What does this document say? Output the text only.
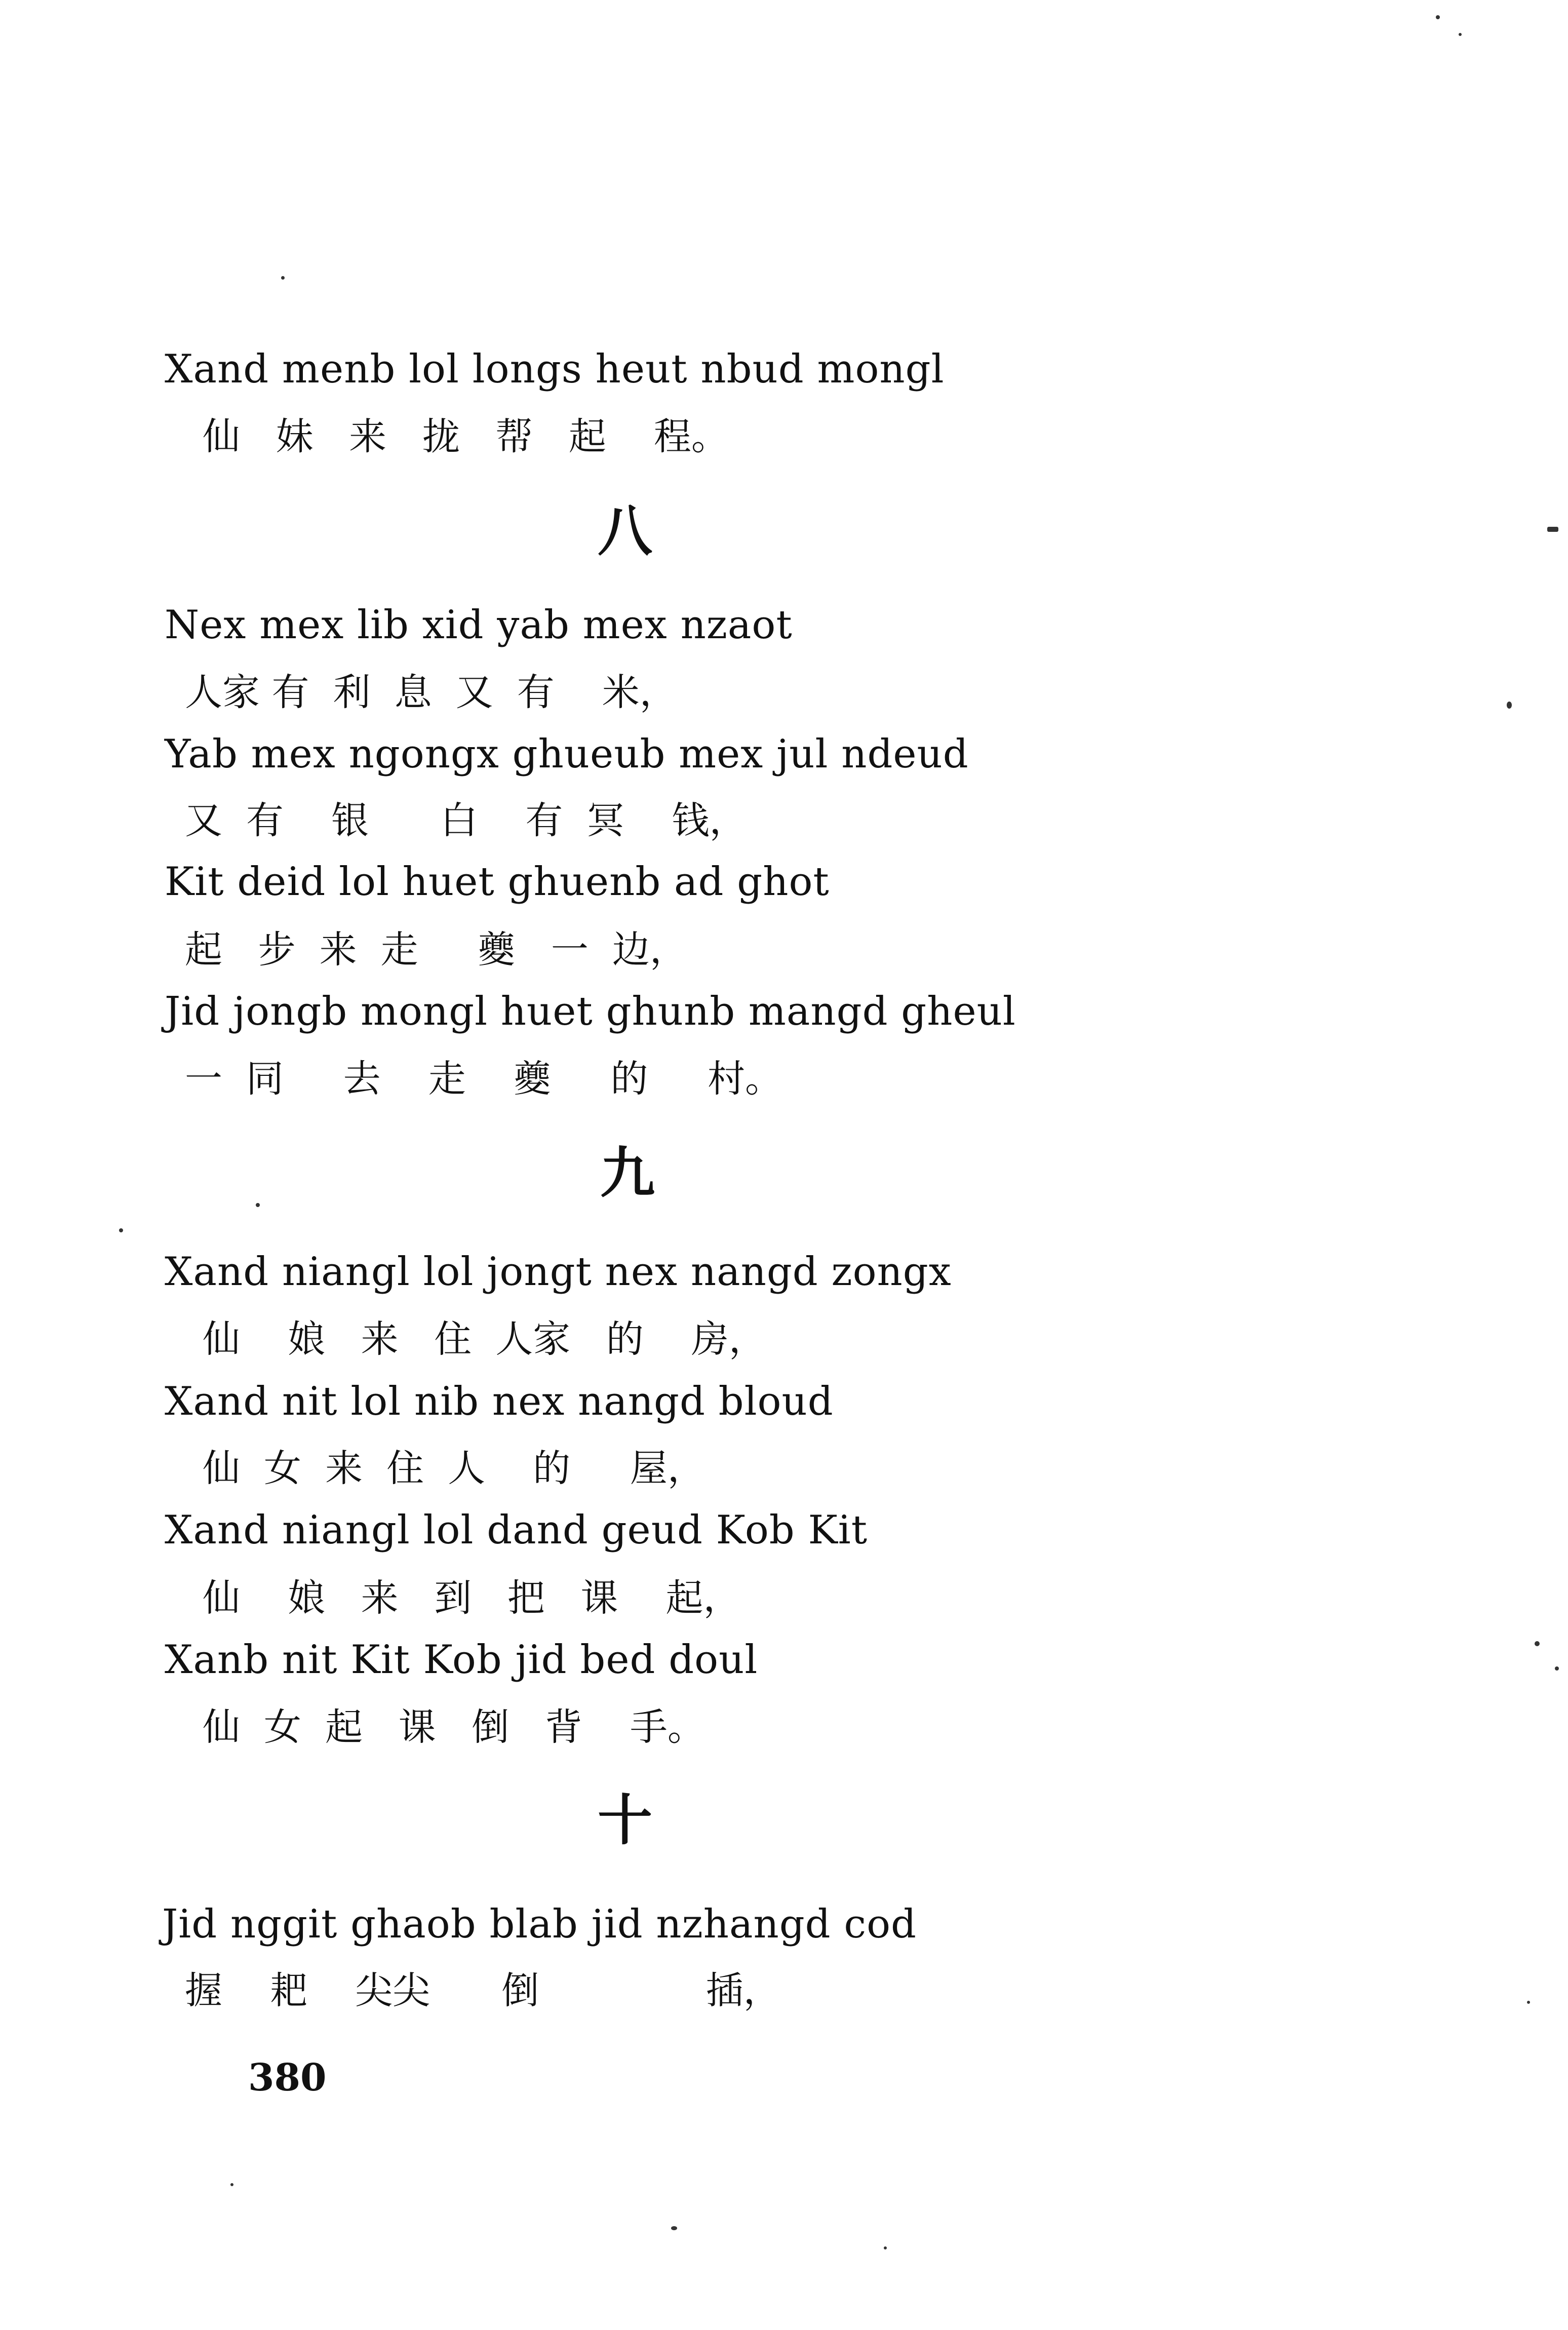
Xand menb lol longs heut nbud mongl
仙   妹   来   拢   帮   起    程。
八
Nex mex lib xid yab mex nzaot
人家 有  利  息  又  有    米，
Yab mex ngongx ghueub mex jul ndeud
又  有    银      白    有  冥    钱，
Kit deid lol huet ghuenb ad ghot
起   步  来  走     夔   一  边，
Jid jongb mongl huet ghunb mangd gheul
一  同     去    走    夔     的     村。
九
Xand niangl lol jongt nex nangd zongx
仙    娘   来   住  人家   的    房，
Xand nit lol nib nex nangd bloud
仙  女  来  住  人    的     屋，
Xand niangl lol dand geud Kob Kit
仙    娘   来   到   把   课    起，
Xanb nit Kit Kob jid bed doul
仙  女  起   课   倒   背    手。
十
Jid nggit ghaob blab jid nzhangd cod
握    耙    尖尖      倒              插，
380
